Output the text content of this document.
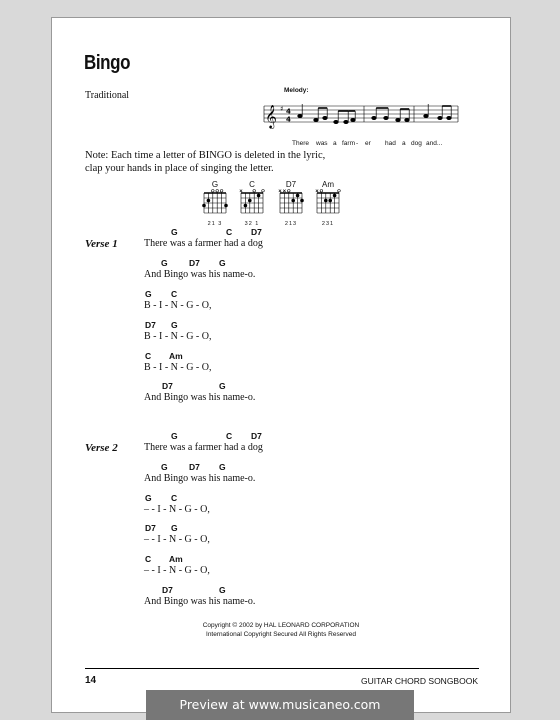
Bingo
Traditional	Melody:
𝄞 ♯ 4
4
There was a farm - er had a dog and...
Note: Each time a letter of BINGO is deleted in the lyric, clap your hands in place of singing the letter.
G
21 3
C
32 1
D7
213
Am
231
Verse 1
G	C D7
There was a farmer had a dog
G	D7 G
And Bingo was his name-o.
G C
B - I - N - G - O,
D7 G
B - I - N - G - O,
C Am
B - I - N - G - O,
D7	G
And Bingo was his name-o.
Verse 2
G	C D7
There was a farmer had a dog
G	D7 G
And Bingo was his name-o.
G C
– - I - N - G - O,
D7 G
– - I - N - G - O,
C Am
– - I - N - G - O,
D7	G
And Bingo was his name-o.
Copyright © 2002 by HAL LEONARD CORPORATION
International Copyright Secured All Rights Reserved
14	GUITAR CHORD SONGBOOK
Preview at www.musicaneo.com
